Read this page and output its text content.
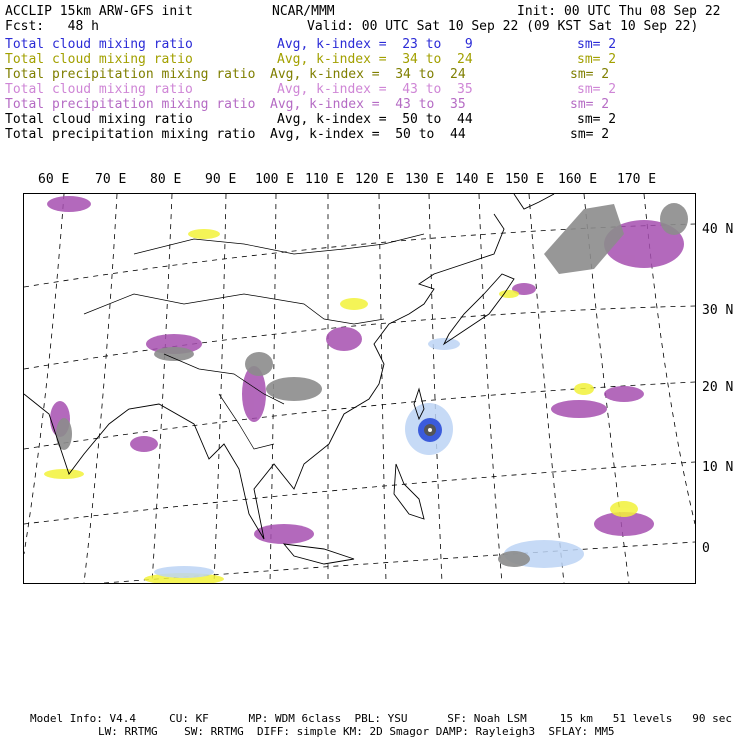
ACCLIP 15km ARW-GFS init	NCAR/MMM	Init: 00 UTC Thu 08 Sep 22
Fcst:   48 h	Valid: 00 UTC Sat 10 Sep 22 (09 KST Sat 10 Sep 22)
Total cloud mixing ratio	Avg, k-index =  23 to   9	sm= 2
Total cloud mixing ratio	Avg, k-index =  34 to  24	sm= 2
Total precipitation mixing ratio Avg, k-index =  34 to  24	sm= 2
Total cloud mixing ratio	Avg, k-index =  43 to  35	sm= 2
Total precipitation mixing ratio Avg, k-index =  43 to  35	sm= 2
Total cloud mixing ratio	Avg, k-index =  50 to  44	sm= 2
Total precipitation mixing ratio Avg, k-index =  50 to  44	sm= 2
60 E 70 E 80 E 90 E 100 E 110 E 120 E 130 E 140 E 150 E 160 E 170 E
40 N
30 N
20 N
10 N
0
Model Info: V4.4     CU: KF      MP: WDM 6class  PBL: YSU      SF: Noah LSM     15 km   51 levels   90 sec
LW: RRTMG    SW: RRTMG  DIFF: simple KM: 2D Smagor DAMP: Rayleigh3  SFLAY: MM5
